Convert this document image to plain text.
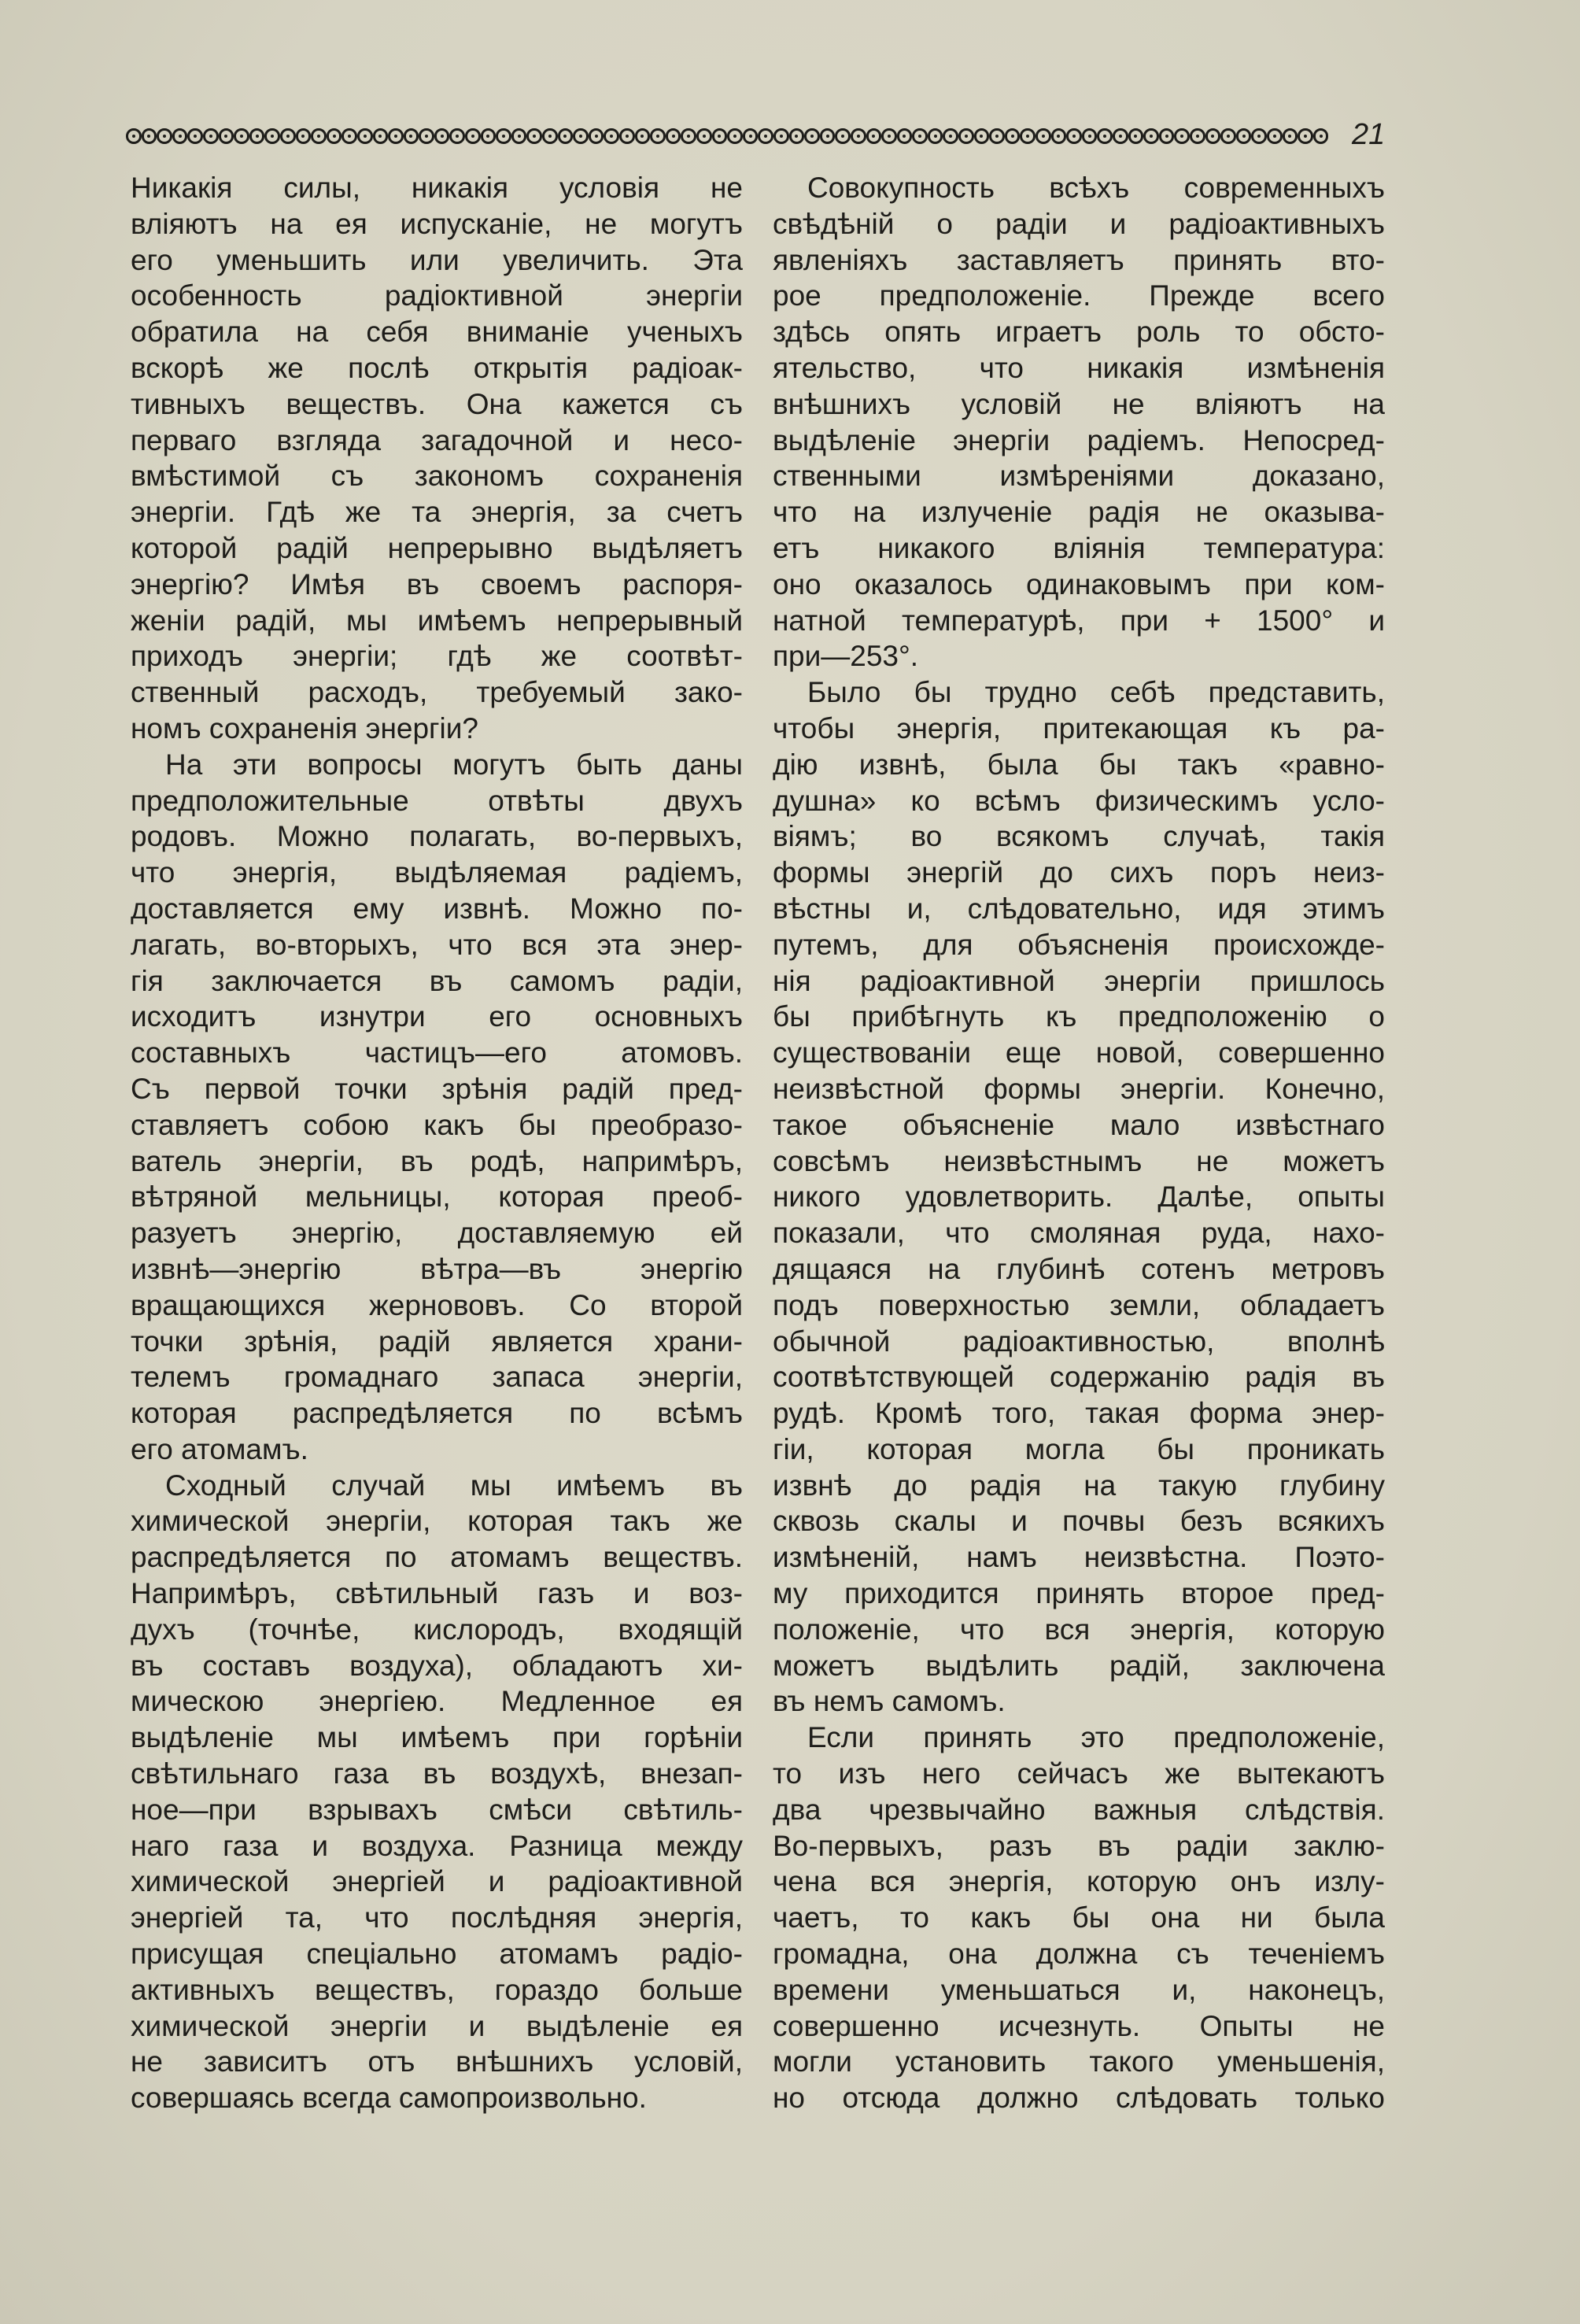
21
Никакія силы, никакія условія не
вліяютъ на ея испусканіе, не могутъ
его уменьшить или увеличить. Эта
особенность радіоктивной энергіи
обратила на себя вниманіе ученыхъ
вскорѣ же послѣ открытія радіоак-
тивныхъ веществъ. Она кажется съ
перваго взгляда загадочной и несо-
вмѣстимой съ закономъ сохраненія
энергіи. Гдѣ же та энергія, за счетъ
которой радій непрерывно выдѣляетъ
энергію? Имѣя въ своемъ распоря-
женіи радій, мы имѣемъ непрерывный
приходъ энергіи; гдѣ же соотвѣт-
ственный расходъ, требуемый зако-
номъ сохраненія энергіи?
На эти вопросы могутъ быть даны
предположительные отвѣты двухъ
родовъ. Можно полагать, во-первыхъ,
что энергія, выдѣляемая радіемъ,
доставляется ему извнѣ. Можно по-
лагать, во-вторыхъ, что вся эта энер-
гія заключается въ самомъ радіи,
исходитъ изнутри его основныхъ
составныхъ частицъ—его атомовъ.
Съ первой точки зрѣнія радій пред-
ставляетъ собою какъ бы преобразо-
ватель энергіи, въ родѣ, напримѣръ,
вѣтряной мельницы, которая преоб-
разуетъ энергію, доставляемую ей
извнѣ—энергію вѣтра—въ энергію
вращающихся жернововъ. Со второй
точки зрѣнія, радій является храни-
телемъ громаднаго запаса энергіи,
которая распредѣляется по всѣмъ
его атомамъ.
Сходный случай мы имѣемъ въ
химической энергіи, которая такъ же
распредѣляется по атомамъ веществъ.
Напримѣръ, свѣтильный газъ и воз-
духъ (точнѣе, кислородъ, входящій
въ составъ воздуха), обладаютъ хи-
мическою энергіею. Медленное ея
выдѣленіе мы имѣемъ при горѣніи
свѣтильнаго газа въ воздухѣ, внезап-
ное—при взрывахъ смѣси свѣтиль-
наго газа и воздуха. Разница между
химической энергіей и радіоактивной
энергіей та, что послѣдняя энергія,
присущая спеціально атомамъ радіо-
активныхъ веществъ, гораздо больше
химической энергіи и выдѣленіе ея
не зависитъ отъ внѣшнихъ условій,
совершаясь всегда самопроизвольно.
Совокупность всѣхъ современныхъ
свѣдѣній о радіи и радіоактивныхъ
явленіяхъ заставляетъ принять вто-
рое предположеніе. Прежде всего
здѣсь опять играетъ роль то обсто-
ятельство, что никакія измѣненія
внѣшнихъ условій не вліяютъ на
выдѣленіе энергіи радіемъ. Непосред-
ственными измѣреніями доказано,
что на излученіе радія не оказыва-
етъ никакого вліянія температура:
оно оказалось одинаковымъ при ком-
натной температурѣ, при + 1500° и
при—253°.
Было бы трудно себѣ представить,
чтобы энергія, притекающая къ ра-
дію извнѣ, была бы такъ «равно-
душна» ко всѣмъ физическимъ усло-
віямъ; во всякомъ случаѣ, такія
формы энергій до сихъ поръ неиз-
вѣстны и, слѣдовательно, идя этимъ
путемъ, для объясненія происхожде-
нія радіоактивной энергіи пришлось
бы прибѣгнуть къ предположенію о
существованіи еще новой, совершенно
неизвѣстной формы энергіи. Конечно,
такое объясненіе мало извѣстнаго
совсѣмъ неизвѣстнымъ не можетъ
никого удовлетворить. Далѣе, опыты
показали, что смоляная руда, нахо-
дящаяся на глубинѣ сотенъ метровъ
подъ поверхностью земли, обладаетъ
обычной радіоактивностью, вполнѣ
соотвѣтствующей содержанію радія въ
рудѣ. Кромѣ того, такая форма энер-
гіи, которая могла бы проникать
извнѣ до радія на такую глубину
сквозь скалы и почвы безъ всякихъ
измѣненій, намъ неизвѣстна. Поэто-
му приходится принять второе пред-
положеніе, что вся энергія, которую
можетъ выдѣлить радій, заключена
въ немъ самомъ.
Если принять это предположеніе,
то изъ него сейчасъ же вытекаютъ
два чрезвычайно важныя слѣдствія.
Во-первыхъ, разъ въ радіи заклю-
чена вся энергія, которую онъ излу-
чаетъ, то какъ бы она ни была
громадна, она должна съ теченіемъ
времени уменьшаться и, наконецъ,
совершенно исчезнуть. Опыты не
могли установить такого уменьшенія,
но отсюда должно слѣдовать только
